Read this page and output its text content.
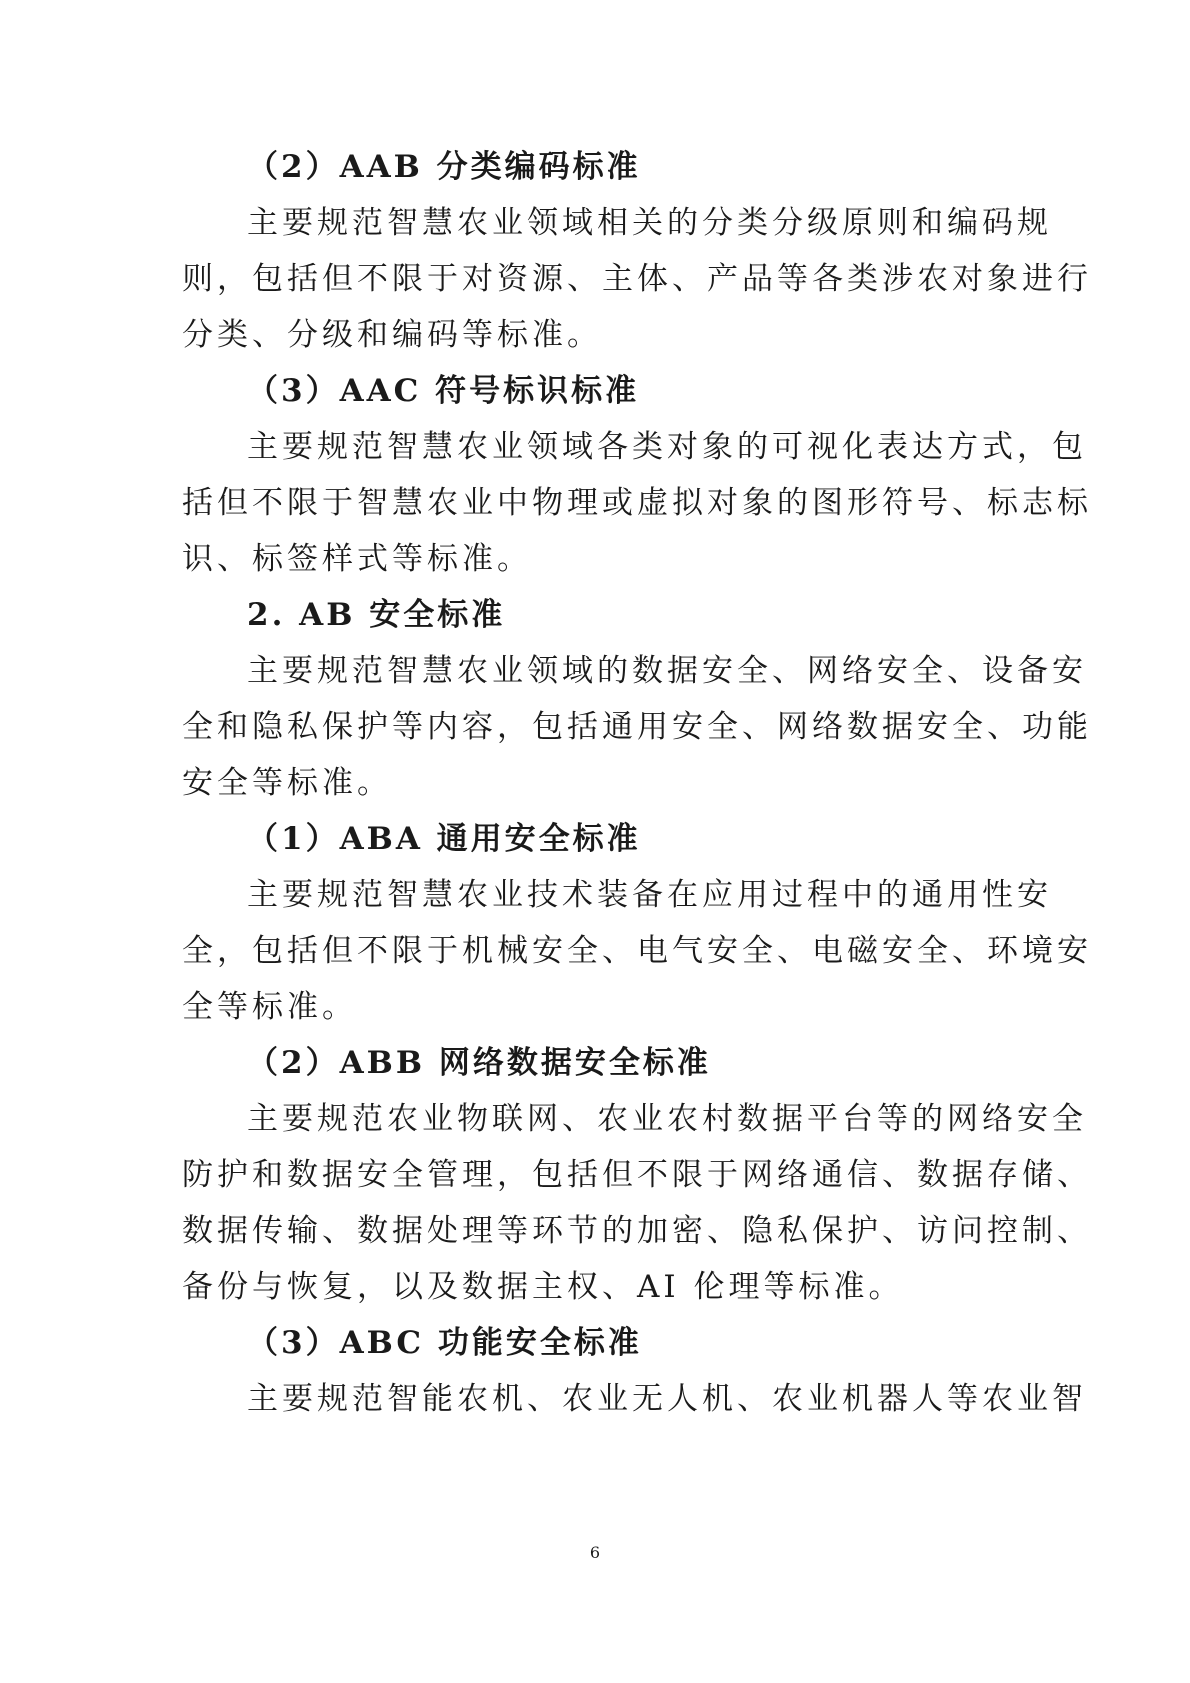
（2）AAB 分类编码标准
主要规范智慧农业领域相关的分类分级原则和编码规
则，包括但不限于对资源、主体、产品等各类涉农对象进行
分类、分级和编码等标准。
（3）AAC 符号标识标准
主要规范智慧农业领域各类对象的可视化表达方式，包
括但不限于智慧农业中物理或虚拟对象的图形符号、标志标
识、标签样式等标准。
2. AB 安全标准
主要规范智慧农业领域的数据安全、网络安全、设备安
全和隐私保护等内容，包括通用安全、网络数据安全、功能
安全等标准。
（1）ABA 通用安全标准
主要规范智慧农业技术装备在应用过程中的通用性安
全，包括但不限于机械安全、电气安全、电磁安全、环境安
全等标准。
（2）ABB 网络数据安全标准
主要规范农业物联网、农业农村数据平台等的网络安全
防护和数据安全管理，包括但不限于网络通信、数据存储、
数据传输、数据处理等环节的加密、隐私保护、访问控制、
备份与恢复，以及数据主权、AI 伦理等标准。
（3）ABC 功能安全标准
主要规范智能农机、农业无人机、农业机器人等农业智
6
